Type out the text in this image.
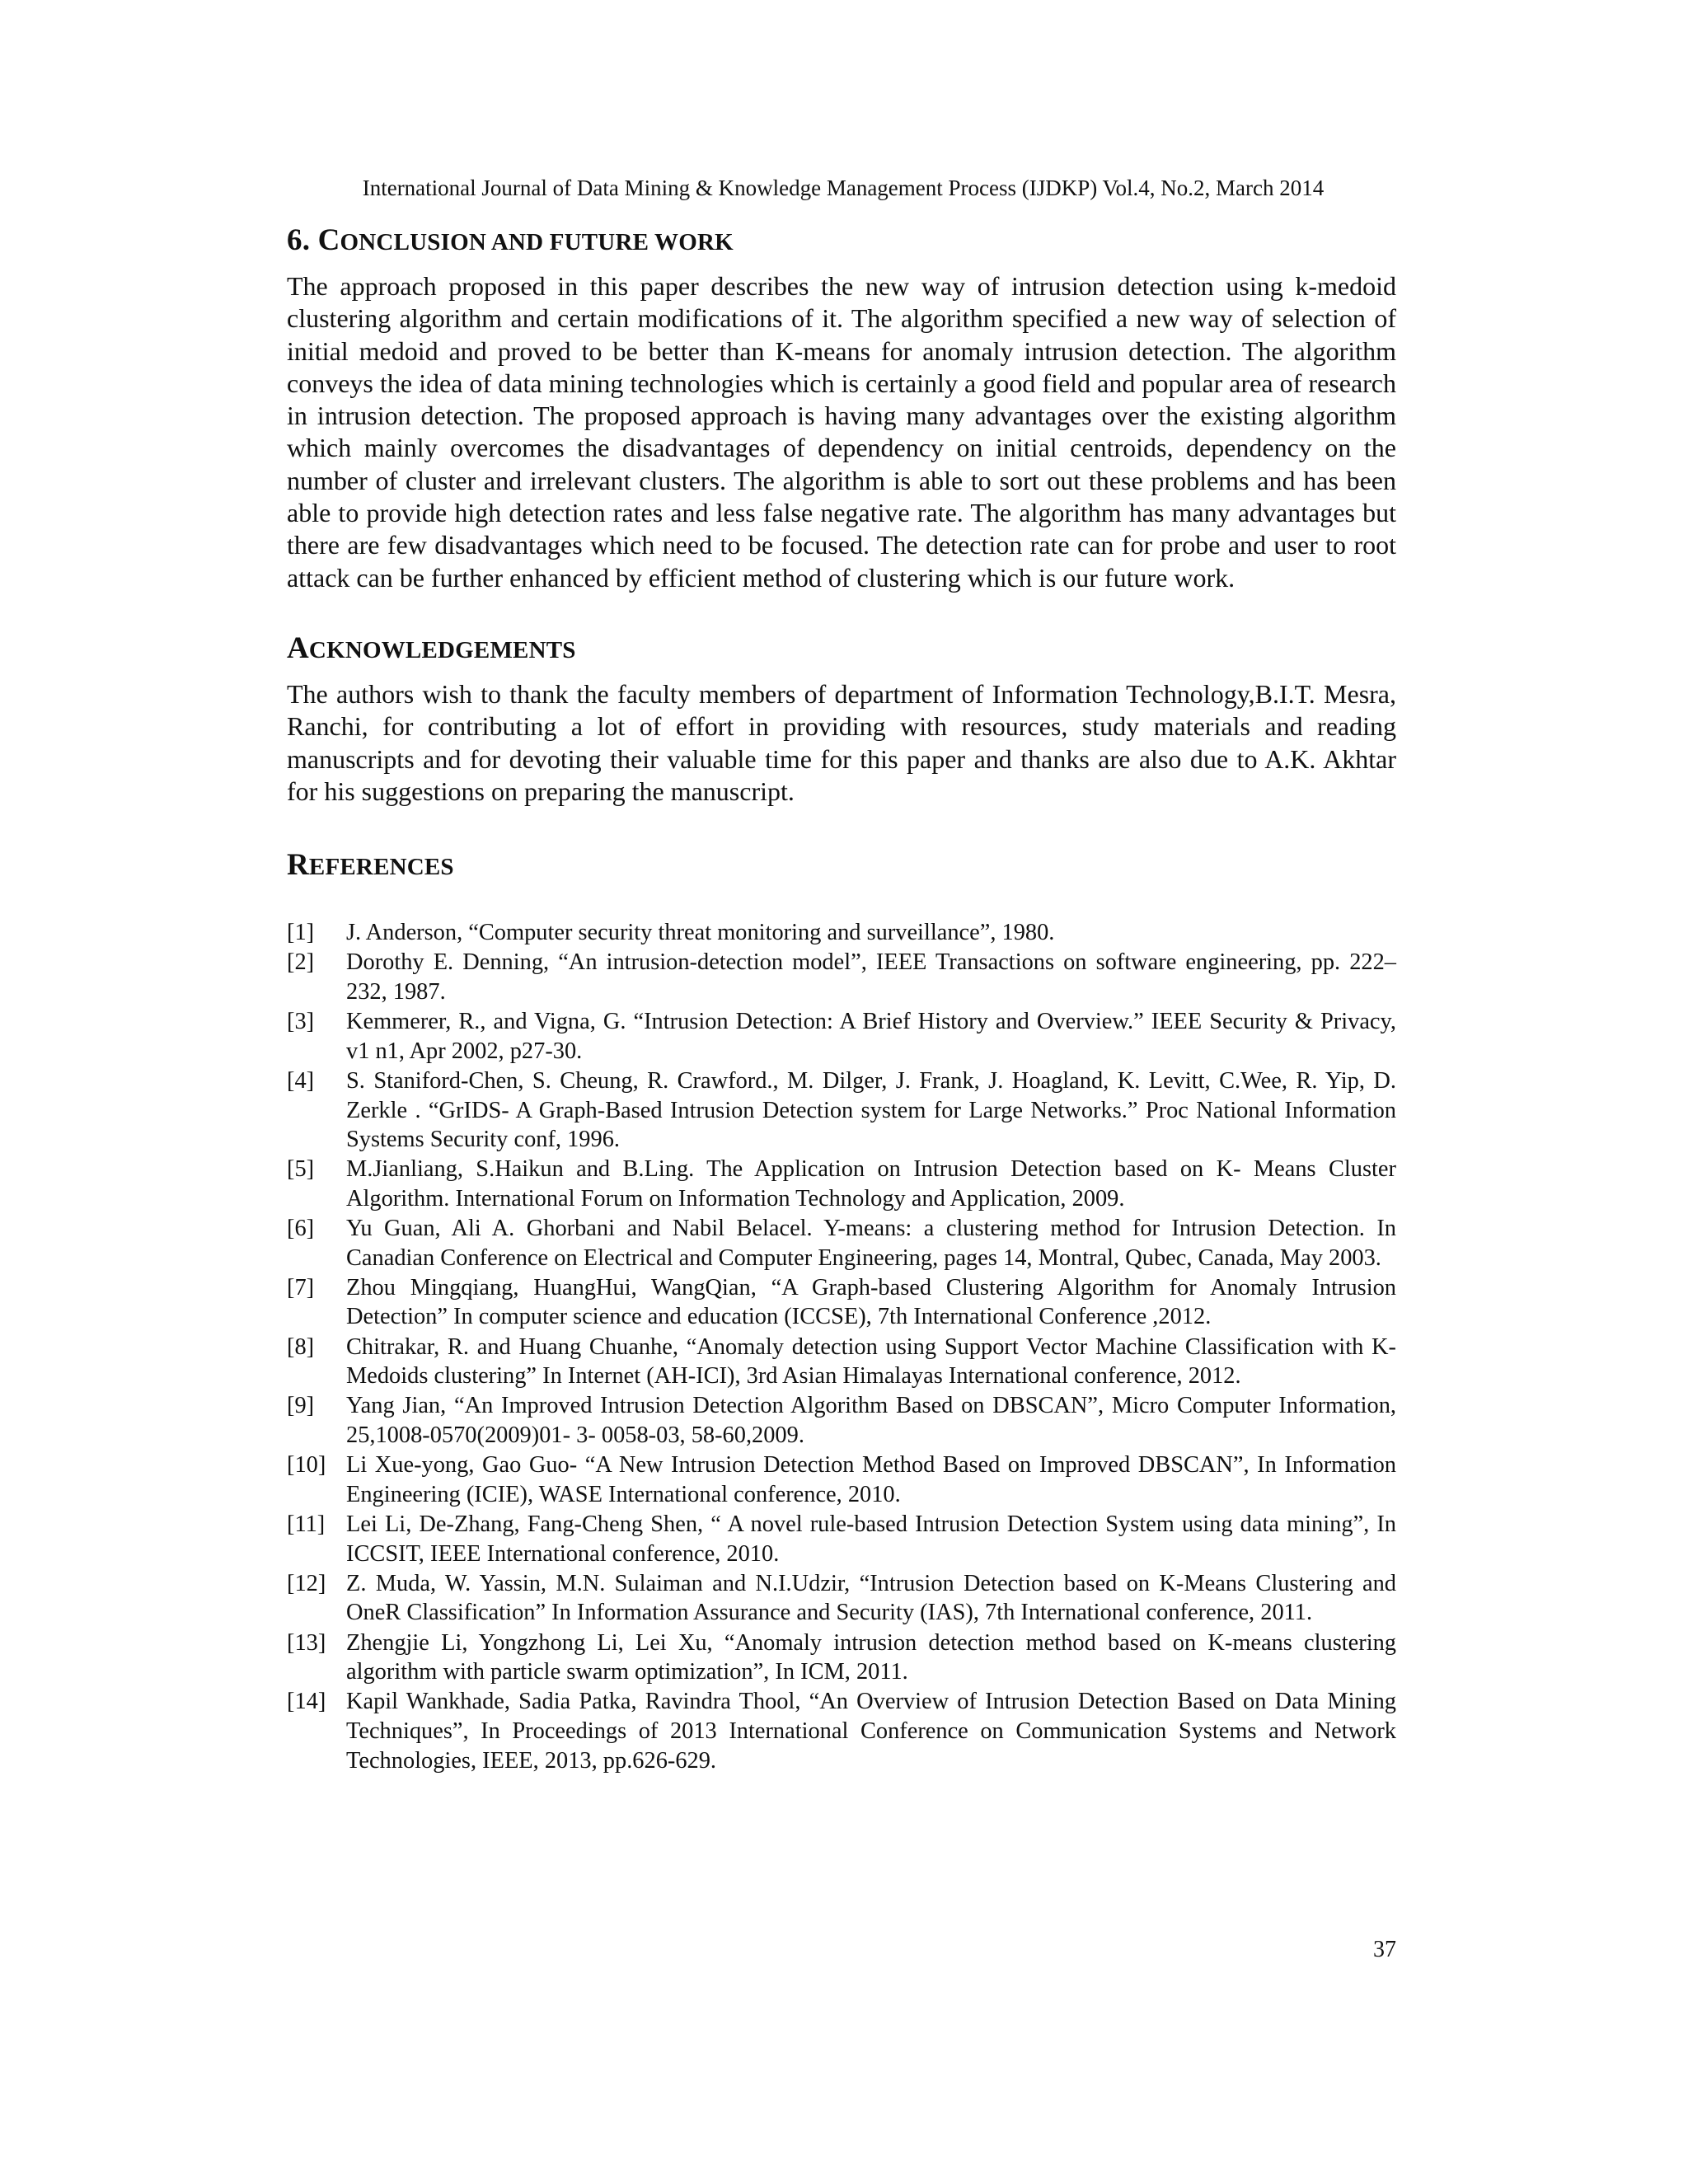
International Journal of Data Mining & Knowledge Management Process (IJDKP) Vol.4, No.2, March 2014
6. CONCLUSION AND FUTURE WORK

The approach proposed in this paper describes the new way of intrusion detection using k-medoid clustering algorithm and certain modifications of it. The algorithm specified a new way of selection of initial medoid and proved to be better than K-means for anomaly intrusion detection. The algorithm conveys the idea of data mining technologies which is certainly a good field and popular area of research in intrusion detection. The proposed approach is having many advantages over the existing algorithm which mainly overcomes the disadvantages of dependency on initial centroids, dependency on the number of cluster and irrelevant clusters. The algorithm is able to sort out these problems and has been able to provide high detection rates and less false negative rate. The algorithm has many advantages but there are few disadvantages which need to be focused. The detection rate can for probe and user to root attack can be further enhanced by efficient method of clustering which is our future work.

ACKNOWLEDGEMENTS

The authors wish to thank the faculty members of department of Information Technology,B.I.T. Mesra, Ranchi, for contributing a lot of effort in providing with resources, study materials and reading manuscripts and for devoting their valuable time for this paper and thanks are also due to A.K. Akhtar for his suggestions on preparing the manuscript.

REFERENCES
[1]	J. Anderson, “Computer security threat monitoring and surveillance”, 1980.
[2]	Dorothy E. Denning, “An intrusion-detection model”, IEEE Transactions on software engineering, pp. 222–232, 1987.
[3]	Kemmerer, R., and Vigna, G. “Intrusion Detection: A Brief History and Overview.” IEEE Security & Privacy, v1 n1, Apr 2002, p27-30.
[4]	S. Staniford-Chen, S. Cheung, R. Crawford., M. Dilger, J. Frank, J. Hoagland, K. Levitt, C.Wee, R. Yip, D. Zerkle . “GrIDS- A Graph-Based Intrusion Detection system for Large Networks.” Proc National Information Systems Security conf, 1996.
[5]	M.Jianliang, S.Haikun and B.Ling. The Application on Intrusion Detection based on K- Means Cluster Algorithm. International Forum on Information Technology and Application, 2009.
[6]	Yu Guan, Ali A. Ghorbani and Nabil Belacel. Y-means: a clustering method for Intrusion Detection. In Canadian Conference on Electrical and Computer Engineering, pages 14, Montral, Qubec, Canada, May 2003.
[7]	Zhou Mingqiang, HuangHui, WangQian, “A Graph-based Clustering Algorithm for Anomaly Intrusion Detection” In computer science and education (ICCSE), 7th International Conference ,2012.
[8]	Chitrakar, R. and Huang Chuanhe, “Anomaly detection using Support Vector Machine Classification with K-Medoids clustering” In Internet (AH-ICI), 3rd Asian Himalayas International conference, 2012.
[9]	Yang Jian, “An Improved Intrusion Detection Algorithm Based on DBSCAN”, Micro Computer Information, 25,1008-0570(2009)01- 3- 0058-03, 58-60,2009.
[10] Li Xue-yong, Gao Guo- “A New Intrusion Detection Method Based on Improved DBSCAN”, In Information Engineering (ICIE), WASE International conference, 2010.
[11] Lei Li, De-Zhang, Fang-Cheng Shen, “ A novel rule-based Intrusion Detection System using data mining”, In ICCSIT, IEEE International conference, 2010.
[12] Z. Muda, W. Yassin, M.N. Sulaiman and N.I.Udzir, “Intrusion Detection based on K-Means Clustering and OneR Classification” In Information Assurance and Security (IAS), 7th International conference, 2011.
[13] Zhengjie Li, Yongzhong Li, Lei Xu, “Anomaly intrusion detection method based on K-means clustering algorithm with particle swarm optimization”, In ICM, 2011.
[14] Kapil Wankhade, Sadia Patka, Ravindra Thool, “An Overview of Intrusion Detection Based on Data Mining Techniques”, In Proceedings of 2013 International Conference on Communication Systems and Network Technologies, IEEE, 2013, pp.626-629.
37
